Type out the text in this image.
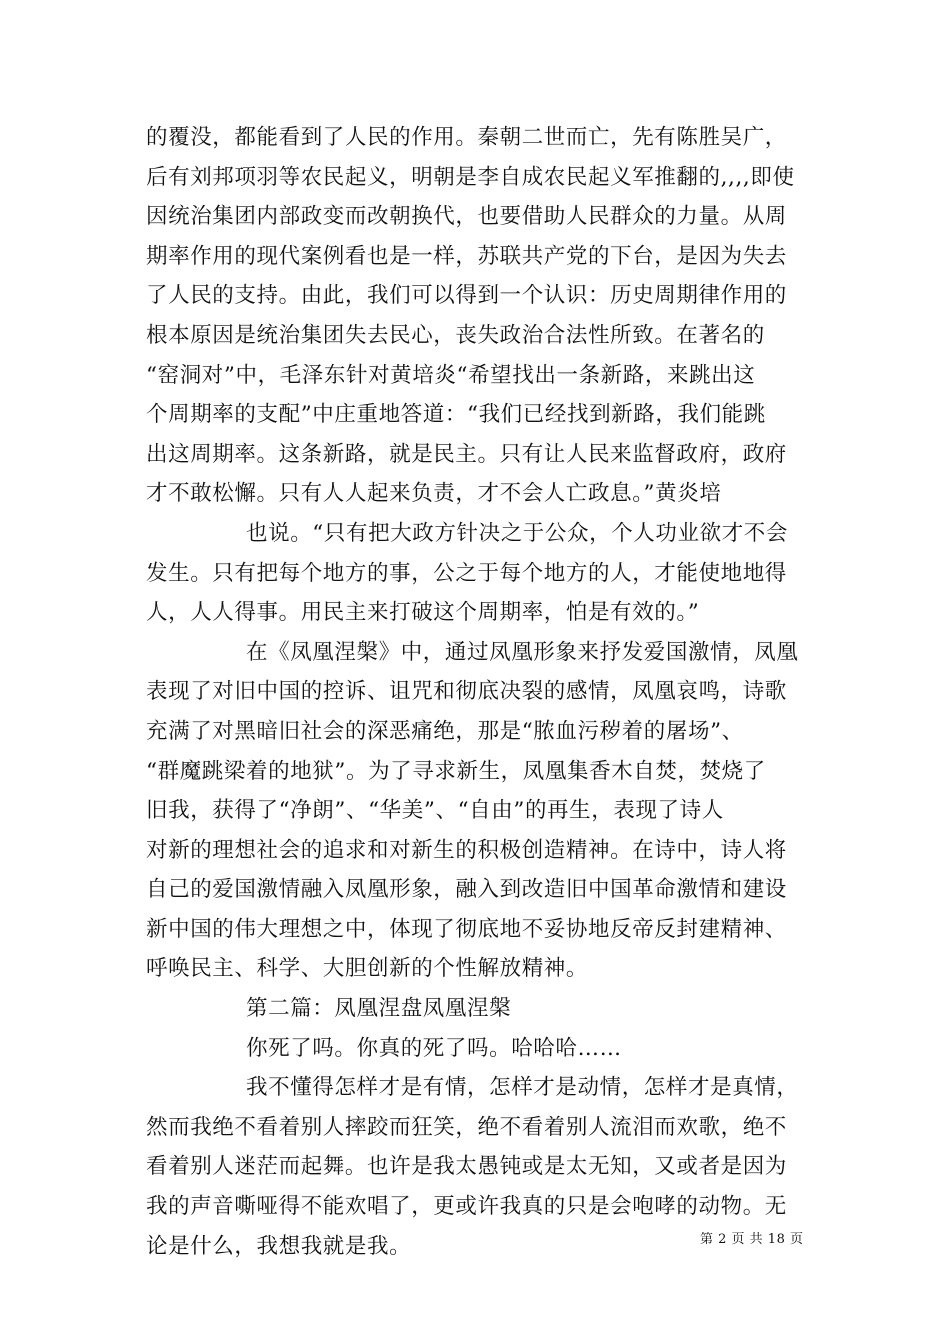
的覆没，都能看到了人民的作用。秦朝二世而亡，先有陈胜吴广，
后有刘邦项羽等农民起义，明朝是李自成农民起义军推翻的,,,,即使
因统治集团内部政变而改朝换代，也要借助人民群众的力量。从周
期率作用的现代案例看也是一样，苏联共产党的下台，是因为失去
了人民的支持。由此，我们可以得到一个认识：历史周期律作用的
根本原因是统治集团失去民心，丧失政治合法性所致。在著名的
“窑洞对”中，毛泽东针对黄培炎“希望找出一条新路，来跳出这
个周期率的支配”中庄重地答道：“我们已经找到新路，我们能跳
出这周期率。这条新路，就是民主。只有让人民来监督政府，政府
才不敢松懈。只有人人起来负责，才不会人亡政息。”黄炎培
也说。“只有把大政方针决之于公众，个人功业欲才不会
发生。只有把每个地方的事，公之于每个地方的人，才能使地地得
人，人人得事。用民主来打破这个周期率，怕是有效的。”
在《凤凰涅槃》中，通过凤凰形象来抒发爱国激情，凤凰
表现了对旧中国的控诉、诅咒和彻底决裂的感情，凤凰哀鸣，诗歌
充满了对黑暗旧社会的深恶痛绝，那是“脓血污秽着的屠场”、
“群魔跳梁着的地狱”。为了寻求新生，凤凰集香木自焚，焚烧了
旧我，获得了“净朗”、“华美”、“自由”的再生，表现了诗人
对新的理想社会的追求和对新生的积极创造精神。在诗中，诗人将
自己的爱国激情融入凤凰形象，融入到改造旧中国革命激情和建设
新中国的伟大理想之中，体现了彻底地不妥协地反帝反封建精神、
呼唤民主、科学、大胆创新的个性解放精神。
第二篇：凤凰涅盘凤凰涅槃
你死了吗。你真的死了吗。哈哈哈……
我不懂得怎样才是有情，怎样才是动情，怎样才是真情，
然而我绝不看着别人摔跤而狂笑，绝不看着别人流泪而欢歌，绝不
看着别人迷茫而起舞。也许是我太愚钝或是太无知，又或者是因为
我的声音嘶哑得不能欢唱了，更或许我真的只是会咆哮的动物。无
论是什么，我想我就是我。	第 2 页 共 18 页
